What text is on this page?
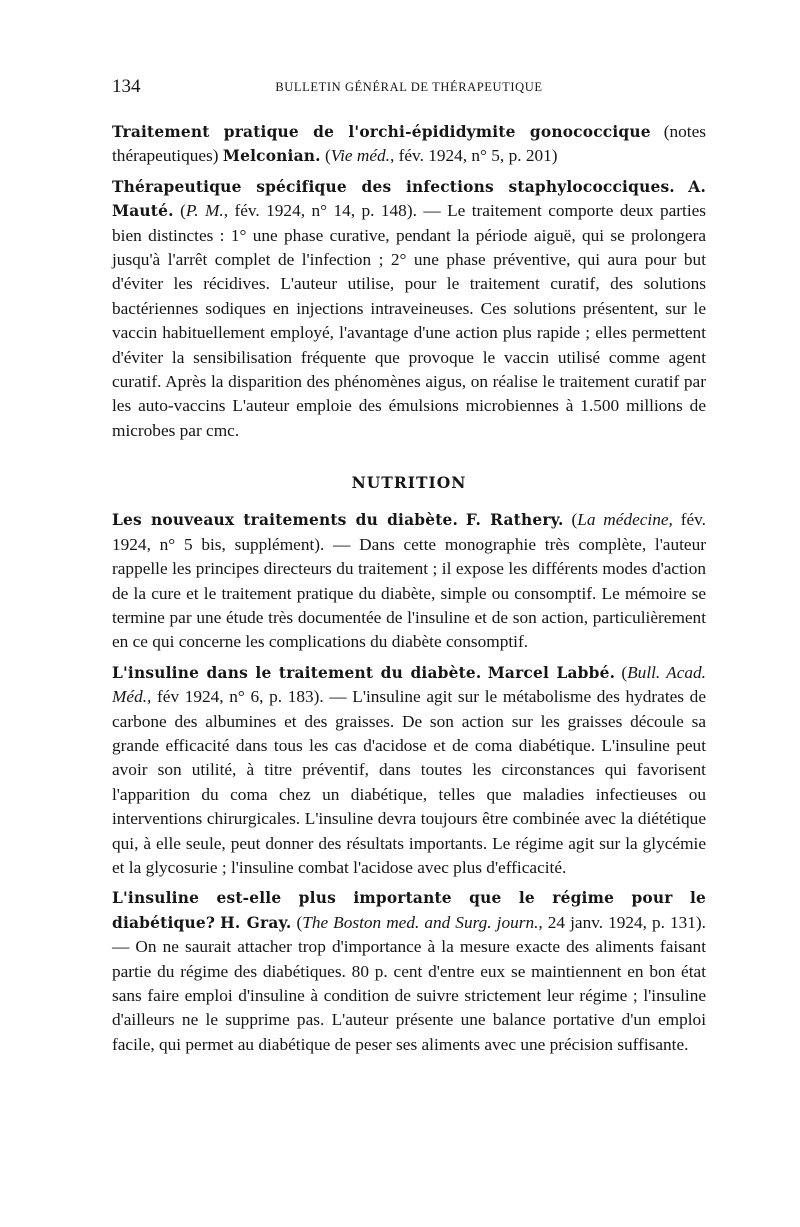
134	BULLETIN GÉNÉRAL DE THÉRAPEUTIQUE

Traitement pratique de l'orchi-épididymite gonococcique (notes thérapeutiques) Melconian. (Vie méd., fév. 1924, n° 5, p. 201)

Thérapeutique spécifique des infections staphylococciques. A. Mauté. (P. M., fév. 1924, n° 14, p. 148). — Le traitement comporte deux parties bien distinctes : 1° une phase curative, pendant la période aiguë, qui se prolongera jusqu'à l'arrêt complet de l'infection ; 2° une phase préventive, qui aura pour but d'éviter les récidives. L'auteur utilise, pour le traitement curatif, des solutions bactériennes sodiques en injections intraveineuses. Ces solutions présentent, sur le vaccin habituellement employé, l'avantage d'une action plus rapide ; elles permettent d'éviter la sensibilisation fréquente que provoque le vaccin utilisé comme agent curatif. Après la disparition des phénomènes aigus, on réalise le traitement curatif par les auto-vaccins L'auteur emploie des émulsions microbiennes à 1.500 millions de microbes par cmc.

NUTRITION

Les nouveaux traitements du diabète. F. Rathery. (La médecine, fév. 1924, n° 5 bis, supplément). — Dans cette monographie très complète, l'auteur rappelle les principes directeurs du traitement ; il expose les différents modes d'action de la cure et le traitement pratique du diabète, simple ou consomptif. Le mémoire se termine par une étude très documentée de l'insuline et de son action, particulièrement en ce qui concerne les complications du diabète consomptif.

L'insuline dans le traitement du diabète. Marcel Labbé. (Bull. Acad. Méd., fév 1924, n° 6, p. 183). — L'insuline agit sur le métabolisme des hydrates de carbone des albumines et des graisses. De son action sur les graisses découle sa grande efficacité dans tous les cas d'acidose et de coma diabétique. L'insuline peut avoir son utilité, à titre préventif, dans toutes les circonstances qui favorisent l'apparition du coma chez un diabétique, telles que maladies infectieuses ou interventions chirurgicales. L'insuline devra toujours être combinée avec la diététique qui, à elle seule, peut donner des résultats importants. Le régime agit sur la glycémie et la glycosurie ; l'insuline combat l'acidose avec plus d'efficacité.

L'insuline est-elle plus importante que le régime pour le diabétique? H. Gray. (The Boston med. and Surg. journ., 24 janv. 1924, p. 131). — On ne saurait attacher trop d'importance à la mesure exacte des aliments faisant partie du régime des diabétiques. 80 p. cent d'entre eux se maintiennent en bon état sans faire emploi d'insuline à condition de suivre strictement leur régime ; l'insuline d'ailleurs ne le supprime pas. L'auteur présente une balance portative d'un emploi facile, qui permet au diabétique de peser ses aliments avec une précision suffisante.
